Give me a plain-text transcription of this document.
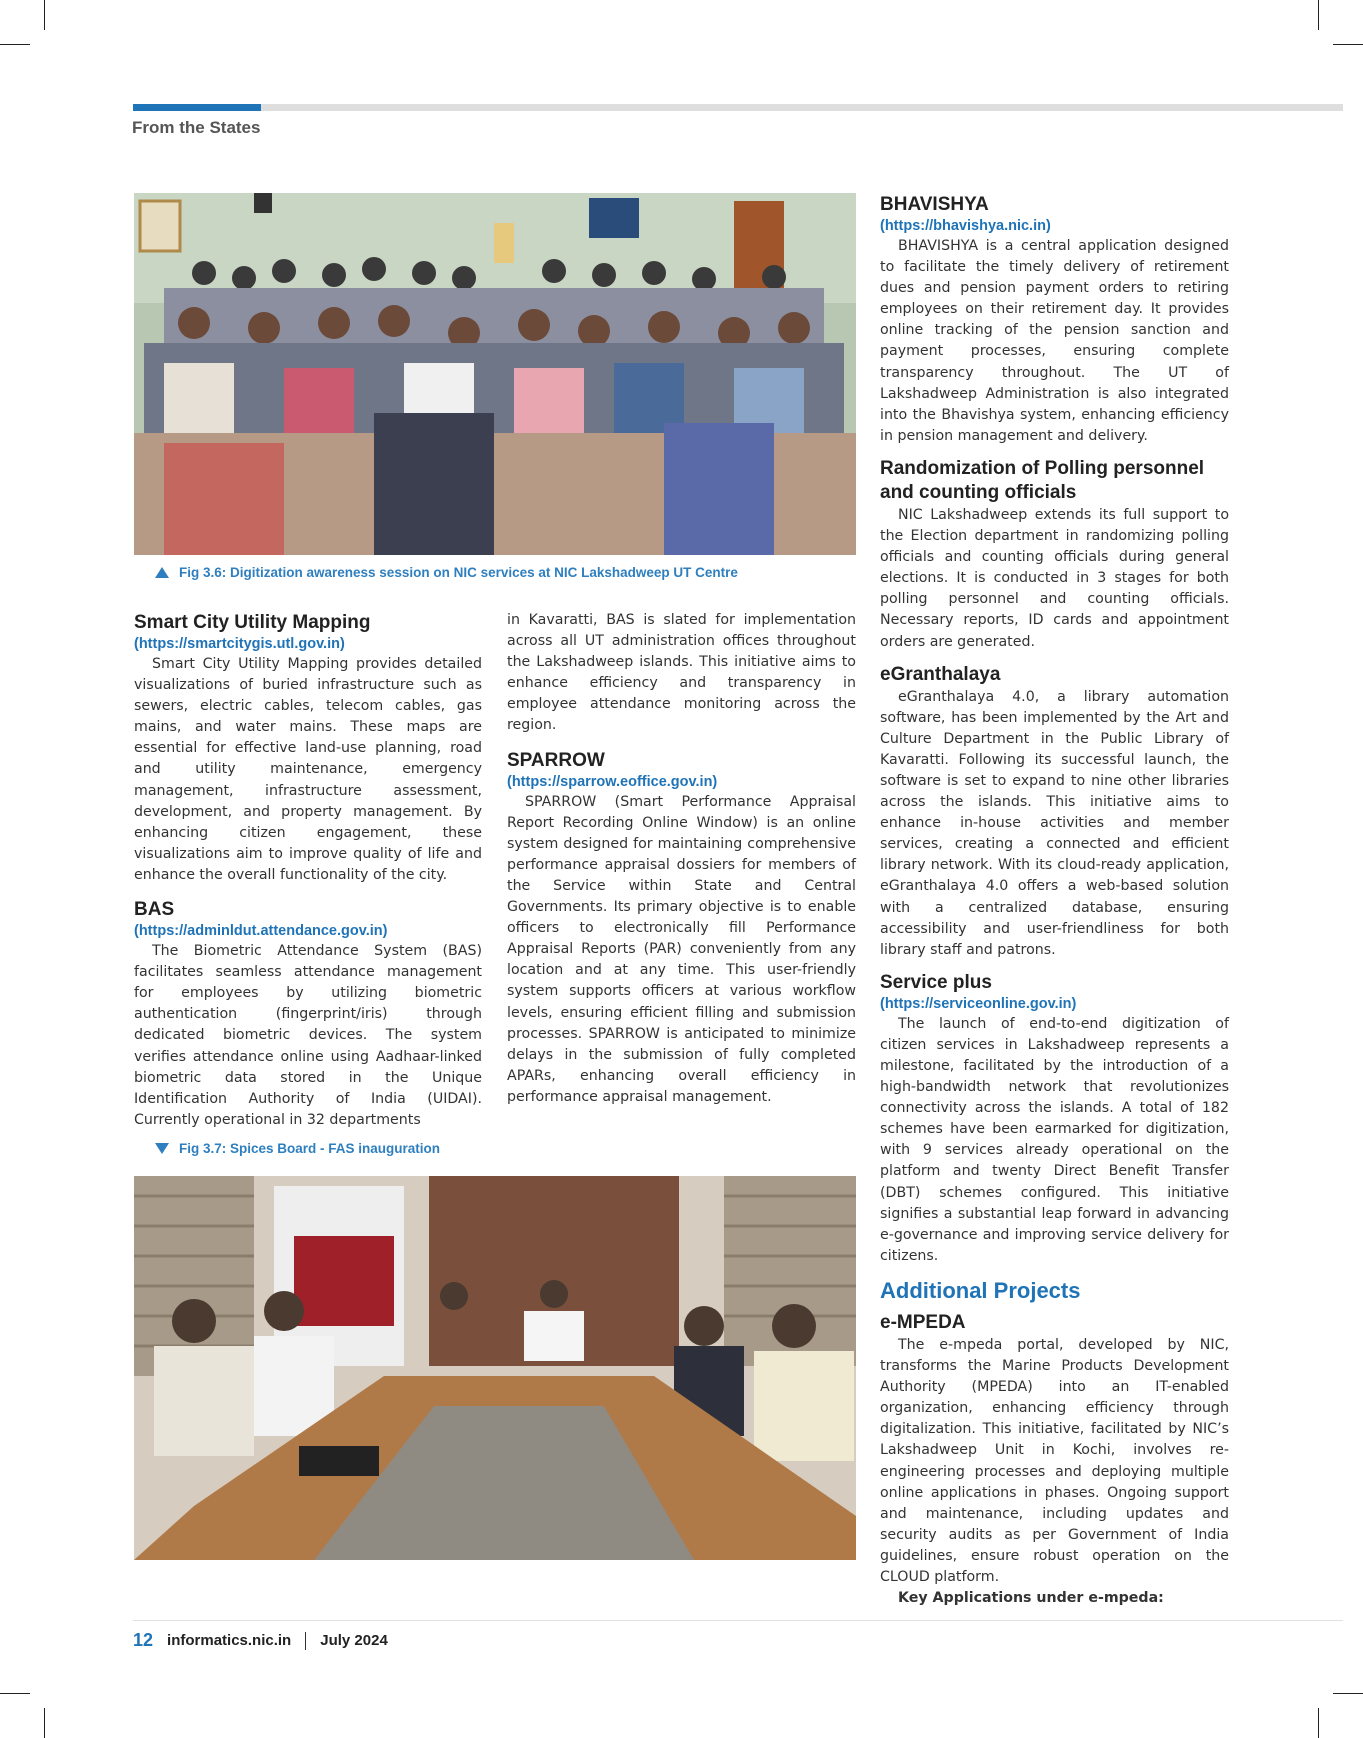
From the States
Fig 3.6: Digitization awareness session on NIC services at NIC Lakshadweep UT Centre
Smart City Utility Mapping
(https://smartcitygis.utl.gov.in)

Smart City Utility Mapping provides detailed visualizations of buried infrastructure such as sewers, electric cables, telecom cables, gas mains, and water mains. These maps are essential for effective land-use planning, road and utility maintenance, emergency management, infrastructure assessment, development, and property management. By enhancing citizen engagement, these visualizations aim to improve quality of life and enhance the overall functionality of the city.

BAS
(https://adminldut.attendance.gov.in)

The Biometric Attendance System (BAS) facilitates seamless attendance management for employees by utilizing biometric authentication (fingerprint/iris) through dedicated biometric devices. The system verifies attendance online using Aadhaar-linked biometric data stored in the Unique Identification Authority of India (UIDAI). Currently operational in 32 departments

in Kavaratti, BAS is slated for implementation across all UT administration offices throughout the Lakshadweep islands. This initiative aims to enhance efficiency and transparency in employee attendance monitoring across the region.

SPARROW
(https://sparrow.eoffice.gov.in)

SPARROW (Smart Performance Appraisal Report Recording Online Window) is an online system designed for maintaining comprehensive performance appraisal dossiers for members of the Service within State and Central Governments. Its primary objective is to enable officers to electronically fill Performance Appraisal Reports (PAR) conveniently from any location and at any time. This user-friendly system supports officers at various workflow levels, ensuring efficient filling and submission processes. SPARROW is anticipated to minimize delays in the submission of fully completed APARs, enhancing overall efficiency in performance appraisal management.

BHAVISHYA
(https://bhavishya.nic.in)

BHAVISHYA is a central application designed to facilitate the timely delivery of retirement dues and pension payment orders to retiring employees on their retirement day. It provides online tracking of the pension sanction and payment processes, ensuring complete transparency throughout. The UT of Lakshadweep Administration is also integrated into the Bhavishya system, enhancing efficiency in pension management and delivery.

Randomization of Polling personnel and counting officials

NIC Lakshadweep extends its full support to the Election department in randomizing polling officials and counting officials during general elections. It is conducted in 3 stages for both polling personnel and counting officials. Necessary reports, ID cards and appointment orders are generated.

eGranthalaya

eGranthalaya 4.0, a library automation software, has been implemented by the Art and Culture Department in the Public Library of Kavaratti. Following its successful launch, the software is set to expand to nine other libraries across the islands. This initiative aims to enhance in-house activities and member services, creating a connected and efficient library network. With its cloud-ready application, eGranthalaya 4.0 offers a web-based solution with a centralized database, ensuring accessibility and user-friendliness for both library staff and patrons.

Service plus
(https://serviceonline.gov.in)

The launch of end-to-end digitization of citizen services in Lakshadweep represents a milestone, facilitated by the introduction of a high-bandwidth network that revolutionizes connectivity across the islands. A total of 182 schemes have been earmarked for digitization, with 9 services already operational on the platform and twenty Direct Benefit Transfer (DBT) schemes configured. This initiative signifies a substantial leap forward in advancing e-governance and improving service delivery for citizens.

Additional Projects
e-MPEDA

The e-mpeda portal, developed by NIC, transforms the Marine Products Development Authority (MPEDA) into an IT-enabled organization, enhancing efficiency through digitalization. This initiative, facilitated by NIC’s Lakshadweep Unit in Kochi, involves re-engineering processes and deploying multiple online applications in phases. Ongoing support and maintenance, including updates and security audits as per Government of India guidelines, ensure robust operation on the CLOUD platform.

Key Applications under e-mpeda:
Fig 3.7: Spices Board - FAS inauguration
12 informatics.nic.in July 2024
